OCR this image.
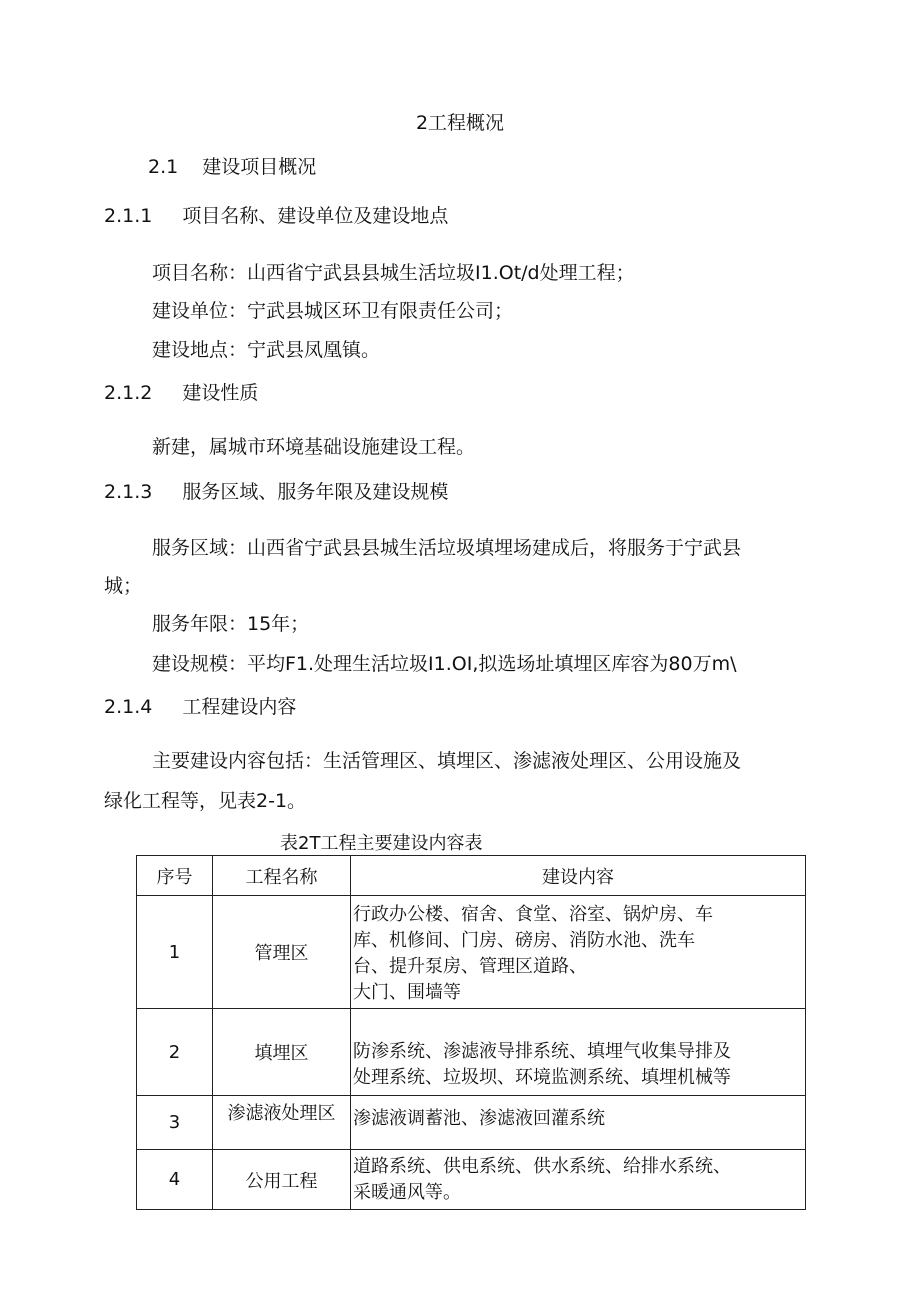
2工程概况
2.1 建设项目概况
2.1.1 项目名称、建设单位及建设地点
项目名称：山西省宁武县县城生活垃圾I1.Ot/d处理工程；
建设单位：宁武县城区环卫有限责任公司；
建设地点：宁武县凤凰镇。
2.1.2 建设性质
新建，属城市环境基础设施建设工程。
2.1.3 服务区域、服务年限及建设规模
服务区域：山西省宁武县县城生活垃圾填埋场建成后，将服务于宁武县
城；
服务年限：15年；
建设规模：平均F1.处理生活垃圾I1.OI,拟选场址填埋区库容为80万m\
2.1.4 工程建设内容
主要建设内容包括：生活管理区、填埋区、渗滤液处理区、公用设施及
绿化工程等，见表2-1。
表2T工程主要建设内容表
序号	工程名称	建设内容
1	管理区	行政办公楼、宿舍、食堂、浴室、锅炉房、车
库、机修间、门房、磅房、消防水池、洗车
台、提升泵房、管理区道路、
大门、围墙等

2	填埋区	防渗系统、渗滤液导排系统、填埋气收集导排及
处理系统、垃圾坝、环境监测系统、填埋机械等

3	渗滤液处理区	渗滤液调蓄池、渗滤液回灌系统

4	公用工程	道路系统、供电系统、供水系统、给排水系统、
采暖通风等。
